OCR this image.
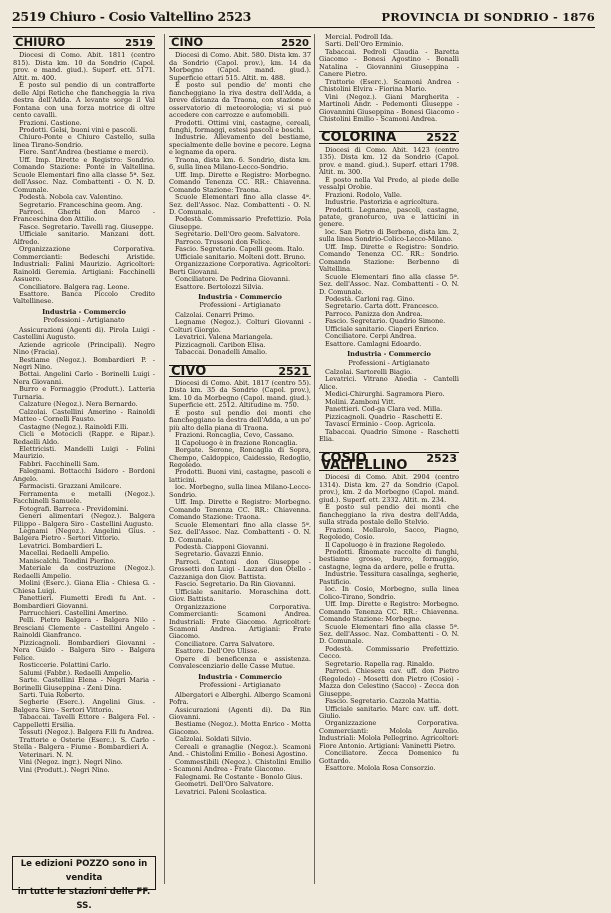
2519 Chiuro - Cosio Valtellino 2523	PROVINCIA DI SONDRIO - 1876
CHIURO	2519

Diocesi di Como. Abit. 1811 (centro 815). Dista km. 10 da Sondrio (Capol. prov. e mand. giud.). Superf. ett. 5171. Altit. m. 400.

È posto sul pendio di un contrafforte delle Alpi Retiche che fiancheggia la riva destra dell'Adda. A levante sorge il Val Fontana con una forza motrice di oltre cento cavalli.

Frazioni. Castione.

Prodotti. Gelsi, buoni vini e pascoli.

Chiuro-Ponte e Chiuro Castello, sulla linea Tirano-Sondrio.

Fiere. Sant'Andrea (bestiame e merci).

Uff. Imp. Dirette e Registro: Sondrio. Comando Stazione: Ponte in Valtellina. Scuole Elementari fino alla classe 5ª. Sez. dell'Assoc. Naz. Combattenti - O. N. D. Comunale.

Podestà. Nobola cav. Valentino.

Segretario. Franceschina geom. Ang.

Parroci. Gherbi don Marco - Franceschina don Attilio.

Fasce. Segretario. Tavelli rag. Giuseppe.

Ufficiale sanitario. Manzani dott. Alfredo.

Organizzazione Corporativa. Commercianti: Bedeschi Aristide. Industriali: Falini Maurizio. Agricoltori: Rainoldi Geremia. Artigiani: Facchinelli Assuero.

Conciliatore. Balgera rag. Leone.

Esattore. Banca Piccolo Credito Valtellinese.

Industria - Commercio
Professioni - Artigianato

Assicurazioni (Agenti di). Pirola Luigi - Castellini Augusto.

Aziende agricole (Principali). Negro Nino (Fracia).

Bestiame (Negoz.). Bombardieri P. - Negri Nino.

Bottai. Angelini Carlo - Borinelli Luigi - Nera Giovanni.

Burro e Formaggio (Produtt.). Latteria Turnaria.

Calzature (Negoz.). Nera Bernardo.

Calzolai. Castellini Amerino - Rainoldi Matteo - Cornelli Fausto.

Castagne (Negoz.). Rainoldi F.lli.

Cicli e Motocicli (Rappr. e Ripar.). Redaelli Aldo.

Elettricisti. Mandelli Luigi - Folini Maurizio.

Fabbri. Facchinelli Sam.

Falegnami. Bottacchi Isidoro - Bordoni Angelo.

Farmacisti. Grazzani Amilcare.

Ferramenta e metalli (Negoz.). Facchinelli Samuele.

Fotografi. Barreca - Previdomini.

Generi alimentari (Negoz.). Balgera Filippo - Balgera Siro - Castellini Augusto.

Legnami (Negoz.). Angelini Gius. - Balgera Pietro - Sertori Vittorio.

Levatrici. Bombardieri L.

Macellai. Redaelli Ampelio.

Maniscalchi. Tondini Pierino.

Materiale da costruzione (Negoz.). Redaelli Ampelio.

Molini (Eserc.). Giana Elia - Chiesa G. - Chiesa Luigi.

Panettieri. Fiumetti Eredi fu Ant. - Bombardieri Giovanni.

Parrucchieri. Castellini Amerino.

Pelli. Pietro Balgera - Balgera Nilo - Bresciani Clemente - Castellini Angelo - Rainoldi Gianfranco.

Pizzicagnoli. Bombardieri Giovanni - Nera Guido - Balgera Siro - Balgera Felice.

Rosticcerie. Polattini Carlo.

Salumi (Fabbr.). Redaelli Ampelio.

Sarte. Castellini Elena - Negri Maria - Borinelli Giuseppina - Zeni Dina.

Sarti. Tuia Roberto.

Segherie (Eserc.). Angelini Gius. - Balgera Siro - Sertori Vittorio.

Tabaccai. Tavelli Ettore - Balgera Fel. - Cappelletti Ersilia.

Tessuti (Negoz.). Balgera F.lli fu Andrea.

Trattorie e Osterie (Eserc.). S. Carlo - Stella - Balgera - Fiume - Bombardieri A.

Veterinari. N. N.

Vini (Negoz. ingr.). Negri Nino.

Vini (Produtt.). Negri Nino.

Le edizioni POZZO sono in vendita
in tutte le stazioni delle FF. SS.
CINO	2520

Diocesi di Como. Abit. 580. Dista km. 37 da Sondrio (Capol. prov.), km. 14 da Morbegno (Capol. mand. giud.). Superficie ettari 515. Altit. m. 488.

È posto sul pendio de' monti che fiancheggiano la riva destra dell'Adda, a breve distanza da Traona, con stazione e osservatorio di meteorologia; vi si può accedere con carrozze e automobili.

Prodotti. Ottimi vini, castagne, cereali, funghi, formaggi, estesi pascoli e boschi.

Industrie. Allevamento del bestiame, specialmente delle bovine e pecore. Legna e legname da opera.

Traona, dista km. 6. Sondrio, dista km. 6, sulla linea Milano-Lecco-Sondrio.

Uff. Imp. Dirette e Registro: Morbegno. Comando Tenenza CC. RR.: Chiavenna. Comando Stazione: Traona.

Scuole Elementari fino alla classe 4ª. Sez. dell'Assoc. Naz. Combattenti - O. N. D. Comunale.

Podestà. Commissario Prefettizio. Pola Giuseppe.

Segretario. Dell'Oro geom. Salvatore.

Parroco. Trussoni don Felice.

Fascio. Segretario. Capelli geom. Italo.

Ufficiale sanitario. Molteni dott. Bruno.

Organizzazione Corporativa. Agricoltori: Berti Giovanni.

Conciliatore. De Pedrina Giovanni.

Esattore. Bertolozzi Silvia.

Industria - Commercio
Professioni - Artigianato

Calzolai. Cenarri Primo.

Legname (Negoz.). Colturi Giovanni - Colturi Giorgio.

Levatrici. Valena Mariangela.

Pizzicagnoli. Caribon Elisa.

Tabaccai. Donadelli Amalio.

CIVO	2521

Diocesi di Como. Abit. 1817 (centro 55). Dista km. 35 da Sondrio (Capol. prov.), km. 10 da Morbegno (Capol. mand. giud.). Superficie ett. 2512. Altitudine m. 750.

È posto sul pendio dei monti che fiancheggiano la destra dell'Adda, a un po' più alto della piana di Traona.

Frazioni. Roncaglia, Cevo, Cassano.

Il Capoluogo è in frazione Roncaglia.

Borgate. Serone, Roncaglia di Sopra, Chempo, Caldoppico, Caidessio, Redoglio, Regoledo.

Prodotti. Buoni vini, castagne, pascoli e latticini.

loc. Morbegno, sulla linea Milano-Lecco-Sondrio.

Uff. Imp. Dirette e Registro: Morbegno. Comando Tenenza CC. RR.: Chiavenna. Comando Stazione: Traona.

Scuole Elementari fino alla classe 5ª. Sez. dell'Assoc. Naz. Combattenti - O. N. D. Comunale.

Podestà. Ciapponi Giovanni.

Segretario. Gavazzi Ennio.

Parroci. Cantoni don Giuseppe - Grossetti don Luigi - Lazzari don Otello - Cazzaniga don Giov. Battista.

Fascio. Segretario. Da Rin Giovanni.

Ufficiale sanitario. Moraschina dott. Giov. Battista.

Organizzazione Corporativa. Commercianti: Scamoni Andrea. Industriali: Frate Giacomo. Agricoltori: Scamoni Andrea. Artigiani: Frate Giacomo.

Conciliatore. Carra Salvatore.

Esattore. Dell'Oro Ulisse.

Opere di beneficenza e assistenza. Convalescenziario delle Casse Mutue.

Industria - Commercio
Professioni - Artigianato

Albergatori e Alberghi. Albergo Scamoni Pofra.

Assicurazioni (Agenti di). Da Rin Giovanni.

Bestiame (Negoz.). Motta Enrico - Motta Giacomo.

Calzolai. Soldati Silvio.

Cereali e granaglie (Negoz.). Scamoni And. - Chistolini Emilio - Bonesi Agostino.

Commestibili (Negoz.). Chistolini Emilio - Scamoni Andrea - Frate Giacomo.

Falegnami. Re Costante - Bonolo Gius.

Geometri. Dell'Oro Salvatore.

Levatrici. Paleni Scolastica.

Mercial. Podroll Ida.

Sarti. Dell'Oro Erminio.

Tabaccai. Pedroli Claudia - Baretta Giacomo - Bonesi Agostino - Bonalli Natalina - Giovannini Giuseppina - Canere Pietro.

Trattorie (Eserc.). Scamoni Andrea - Chistolini Elvira - Fiorina Mario.

Vini (Negoz.). Giani Margherita - Martinoli Andr. - Pedemonti Giuseppe - Giovannini Giuseppina - Bonesi Giacomo - Chistolini Emilio - Scamoni Andrea.

COLORINA	2522

Diocesi di Como. Abit. 1423 (centro 135). Dista km. 12 da Sondrio (Capol. prov. e mand. giud.). Superf. ettari 1798. Altit. m. 300.

È posto nella Val Predo, al piede delle vessalpi Orobie.

Frazioni. Rodolo, Valle.

Industrie. Pastorizia e agricoltura.

Prodotti. Legname, pascoli, castagne, patate, granoturco, uva e latticini in genere.

loc. San Pietro di Berbeno, dista km. 2, sulla linea Sondrio-Colico-Lecco-Milano.

Uff. Imp. Dirette e Registro: Sondrio. Comando Tenenza CC. RR.: Sondrio. Comando Stazione: Berbenno di Valtellina.

Scuole Elementari fino alla classe 5ª. Sez. dell'Assoc. Naz. Combattenti - O. N. D. Comunale.

Podestà. Carloni rag. Gino.

Segretario. Carta dott. Francesco.

Parroco. Panizza don Andrea.

Fascio. Segretario. Quadrio Simone.

Ufficiale sanitario. Ciaperi Enrico.

Conciliatore. Cerpi Andrea.

Esattore. Camlagni Edoardo.

Industria - Commercio
Professioni - Artigianato

Calzolai. Sartorelli Biagio.

Levatrici. Vitrano Anedia - Cantelli Alice.

Medici-Chirurghi. Sagramora Piero.

Molini. Zamboni Vitt.

Panettieri. Cod-ga Clara ved. Milla.

Pizzicagnoli. Quadrio - Raschetti E.

Tavasci Erminio - Coop. Agricola.

Tabaccai. Quadrio Simone - Raschetti Elia.

COSIO VALTELLINO	2523

Diocesi di Como. Abit. 2904 (centro 1314). Dista km. 27 da Sondrio (Capol. prov.), km. 2 da Morbegno (Capol. mand. giud.). Superf. ett. 2332. Altit. m. 234.

È posto sul pendio dei monti che fiancheggiano la riva destra dell'Adda, sulla strada postale dello Stelvio.

Frazioni. Mellarolo, Sacco, Piagno, Regoledo, Cosio.

Il Capoluogo è in frazione Regoledo.

Prodotti. Rinomate raccolte di funghi, bestiame grosso, burro, formaggio, castagne, legna da ardere, pelle e frutta.

Industrie. Tessitura casalinga, segherie, Pastificio.

loc. In Cosio, Morbegno, sulla linea Colico-Tirano, Sondrio.

Uff. Imp. Dirette e Registro: Morbegno. Comando Tenenza CC. RR.: Chiavenna. Comando Stazione: Morbegno.

Scuole Elementari fino alla classe 5ª. Sez. dell'Assoc. Naz. Combattenti - O. N. D. Comunale.

Podestà. Commissario Prefettizio. Cecco.

Segretario. Rapella rag. Rinaldo.

Parroci. Chiesera cav. uff. don Pietro (Regoledo) - Mosetti don Pietro (Cosio) - Mazza don Celestino (Sacco) - Zecca don Giuseppe.

Fascio. Segretario. Cazzola Mattia.

Ufficiale sanitario. Marc cav. uff. dott. Giulio.

Organizzazione Corporativa. Commercianti: Molola Aurelio. Industriali: Molola Pellegrino. Agricoltori: Fiore Antonio. Artigiani: Vaninetti Pietro.

Conciliatore. Zecca Domenico fu Gottardo.

Esattore. Molola Rosa Consorzio.
